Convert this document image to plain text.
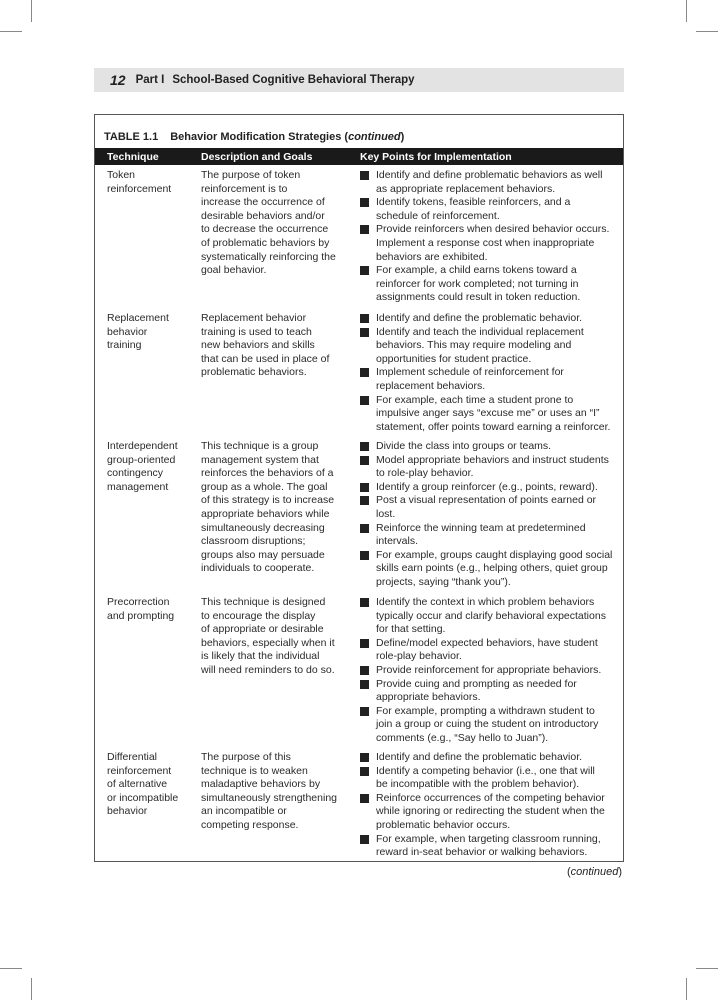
12 Part I School-Based Cognitive Behavioral Therapy
TABLE 1.1 Behavior Modification Strategies (continued)
Technique	Description and Goals	Key Points for Implementation
Token
reinforcement
The purpose of token
reinforcement is to
increase the occurrence of
desirable behaviors and/or
to decrease the occurrence
of problematic behaviors by
systematically reinforcing the
goal behavior.
Identify and define problematic behaviors as well
as appropriate replacement behaviors.
Identify tokens, feasible reinforcers, and a
schedule of reinforcement.
Provide reinforcers when desired behavior occurs.
Implement a response cost when inappropriate
behaviors are exhibited.
For example, a child earns tokens toward a
reinforcer for work completed; not turning in
assignments could result in token reduction.
Replacement
behavior
training
Replacement behavior
training is used to teach
new behaviors and skills
that can be used in place of
problematic behaviors.
Identify and define the problematic behavior.
Identify and teach the individual replacement
behaviors. This may require modeling and
opportunities for student practice.
Implement schedule of reinforcement for
replacement behaviors.
For example, each time a student prone to
impulsive anger says “excuse me” or uses an “I”
statement, offer points toward earning a reinforcer.
Interdependent
group-oriented
contingency
management
This technique is a group
management system that
reinforces the behaviors of a
group as a whole. The goal
of this strategy is to increase
appropriate behaviors while
simultaneously decreasing
classroom disruptions;
groups also may persuade
individuals to cooperate.
Divide the class into groups or teams.
Model appropriate behaviors and instruct students
to role-play behavior.
Identify a group reinforcer (e.g., points, reward).
Post a visual representation of points earned or
lost.
Reinforce the winning team at predetermined
intervals.
For example, groups caught displaying good social
skills earn points (e.g., helping others, quiet group
projects, saying “thank you”).
Precorrection
and prompting
This technique is designed
to encourage the display
of appropriate or desirable
behaviors, especially when it
is likely that the individual
will need reminders to do so.
Identify the context in which problem behaviors
typically occur and clarify behavioral expectations
for that setting.
Define/model expected behaviors, have student
role-play behavior.
Provide reinforcement for appropriate behaviors.
Provide cuing and prompting as needed for
appropriate behaviors.
For example, prompting a withdrawn student to
join a group or cuing the student on introductory
comments (e.g., “Say hello to Juan”).
Differential
reinforcement
of alternative
or incompatible
behavior
The purpose of this
technique is to weaken
maladaptive behaviors by
simultaneously strengthening
an incompatible or
competing response.
Identify and define the problematic behavior.
Identify a competing behavior (i.e., one that will
be incompatible with the problem behavior).
Reinforce occurrences of the competing behavior
while ignoring or redirecting the student when the
problematic behavior occurs.
For example, when targeting classroom running,
reward in-seat behavior or walking behaviors.
(continued)
